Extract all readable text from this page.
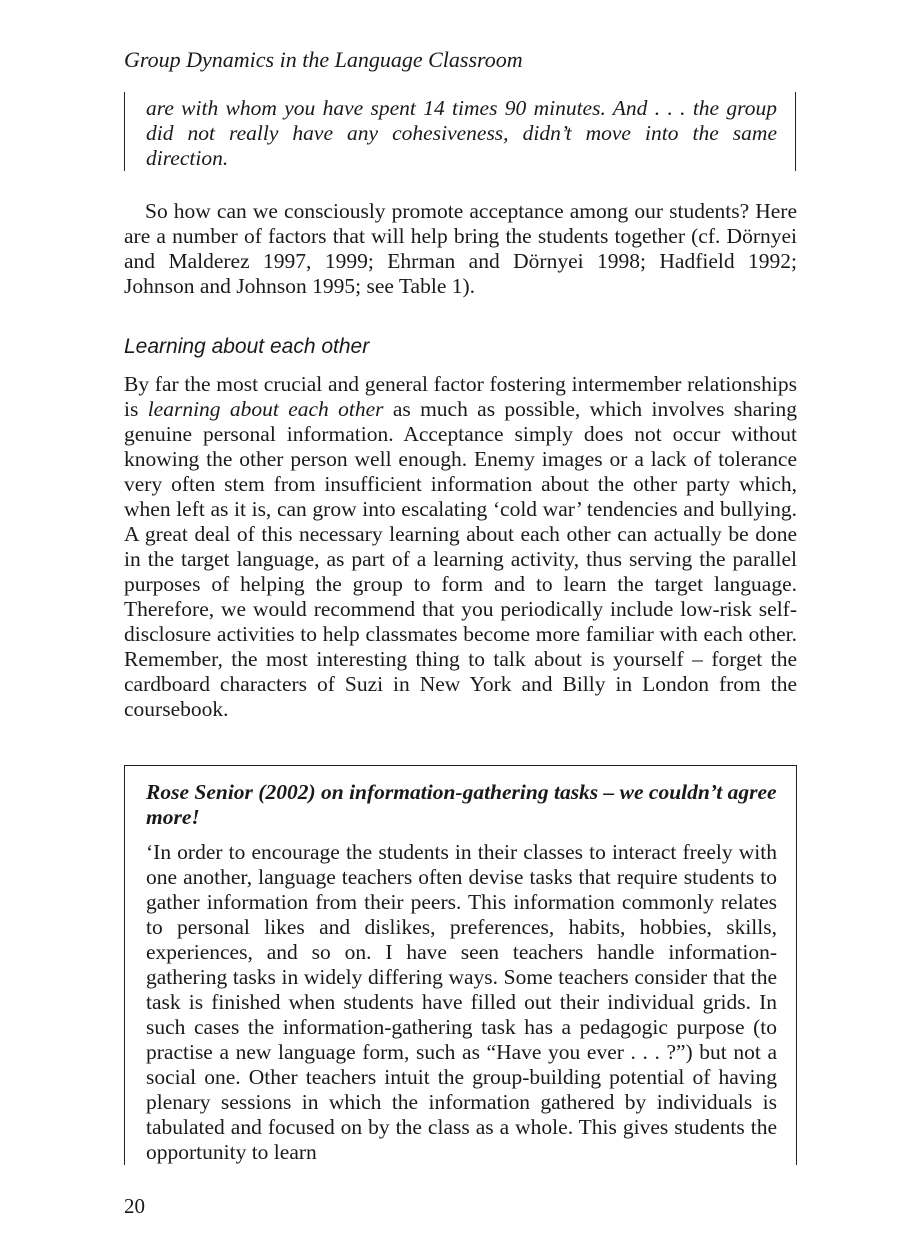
Group Dynamics in the Language Classroom

are with whom you have spent 14 times 90 minutes. And . . . the group did not really have any cohesiveness, didn’t move into the same direction.

So how can we consciously promote acceptance among our students? Here are a number of factors that will help bring the students together (cf. Dörnyei and Malderez 1997, 1999; Ehrman and Dörnyei 1998; Hadfield 1992; Johnson and Johnson 1995; see Table 1).

Learning about each other

By far the most crucial and general factor fostering intermember relationships is learning about each other as much as possible, which involves sharing genuine personal information. Acceptance simply does not occur without knowing the other person well enough. Enemy images or a lack of tolerance very often stem from insufficient information about the other party which, when left as it is, can grow into escalating ‘cold war’ tendencies and bullying. A great deal of this necessary learning about each other can actually be done in the target language, as part of a learning activity, thus serving the parallel purposes of helping the group to form and to learn the target language. Therefore, we would recommend that you periodically include low-risk self-disclosure activities to help classmates become more familiar with each other. Remember, the most interesting thing to talk about is yourself – forget the cardboard characters of Suzi in New York and Billy in London from the coursebook.

Rose Senior (2002) on information-gathering tasks – we couldn’t agree more!

‘In order to encourage the students in their classes to interact freely with one another, language teachers often devise tasks that require students to gather information from their peers. This information commonly relates to personal likes and dislikes, preferences, habits, hobbies, skills, experiences, and so on. I have seen teachers handle information-gathering tasks in widely differing ways. Some teachers consider that the task is finished when students have filled out their individual grids. In such cases the information-gathering task has a pedagogic purpose (to practise a new language form, such as “Have you ever . . . ?”) but not a social one. Other teachers intuit the group-building potential of having plenary sessions in which the information gathered by individuals is tabulated and focused on by the class as a whole. This gives students the opportunity to learn

20
